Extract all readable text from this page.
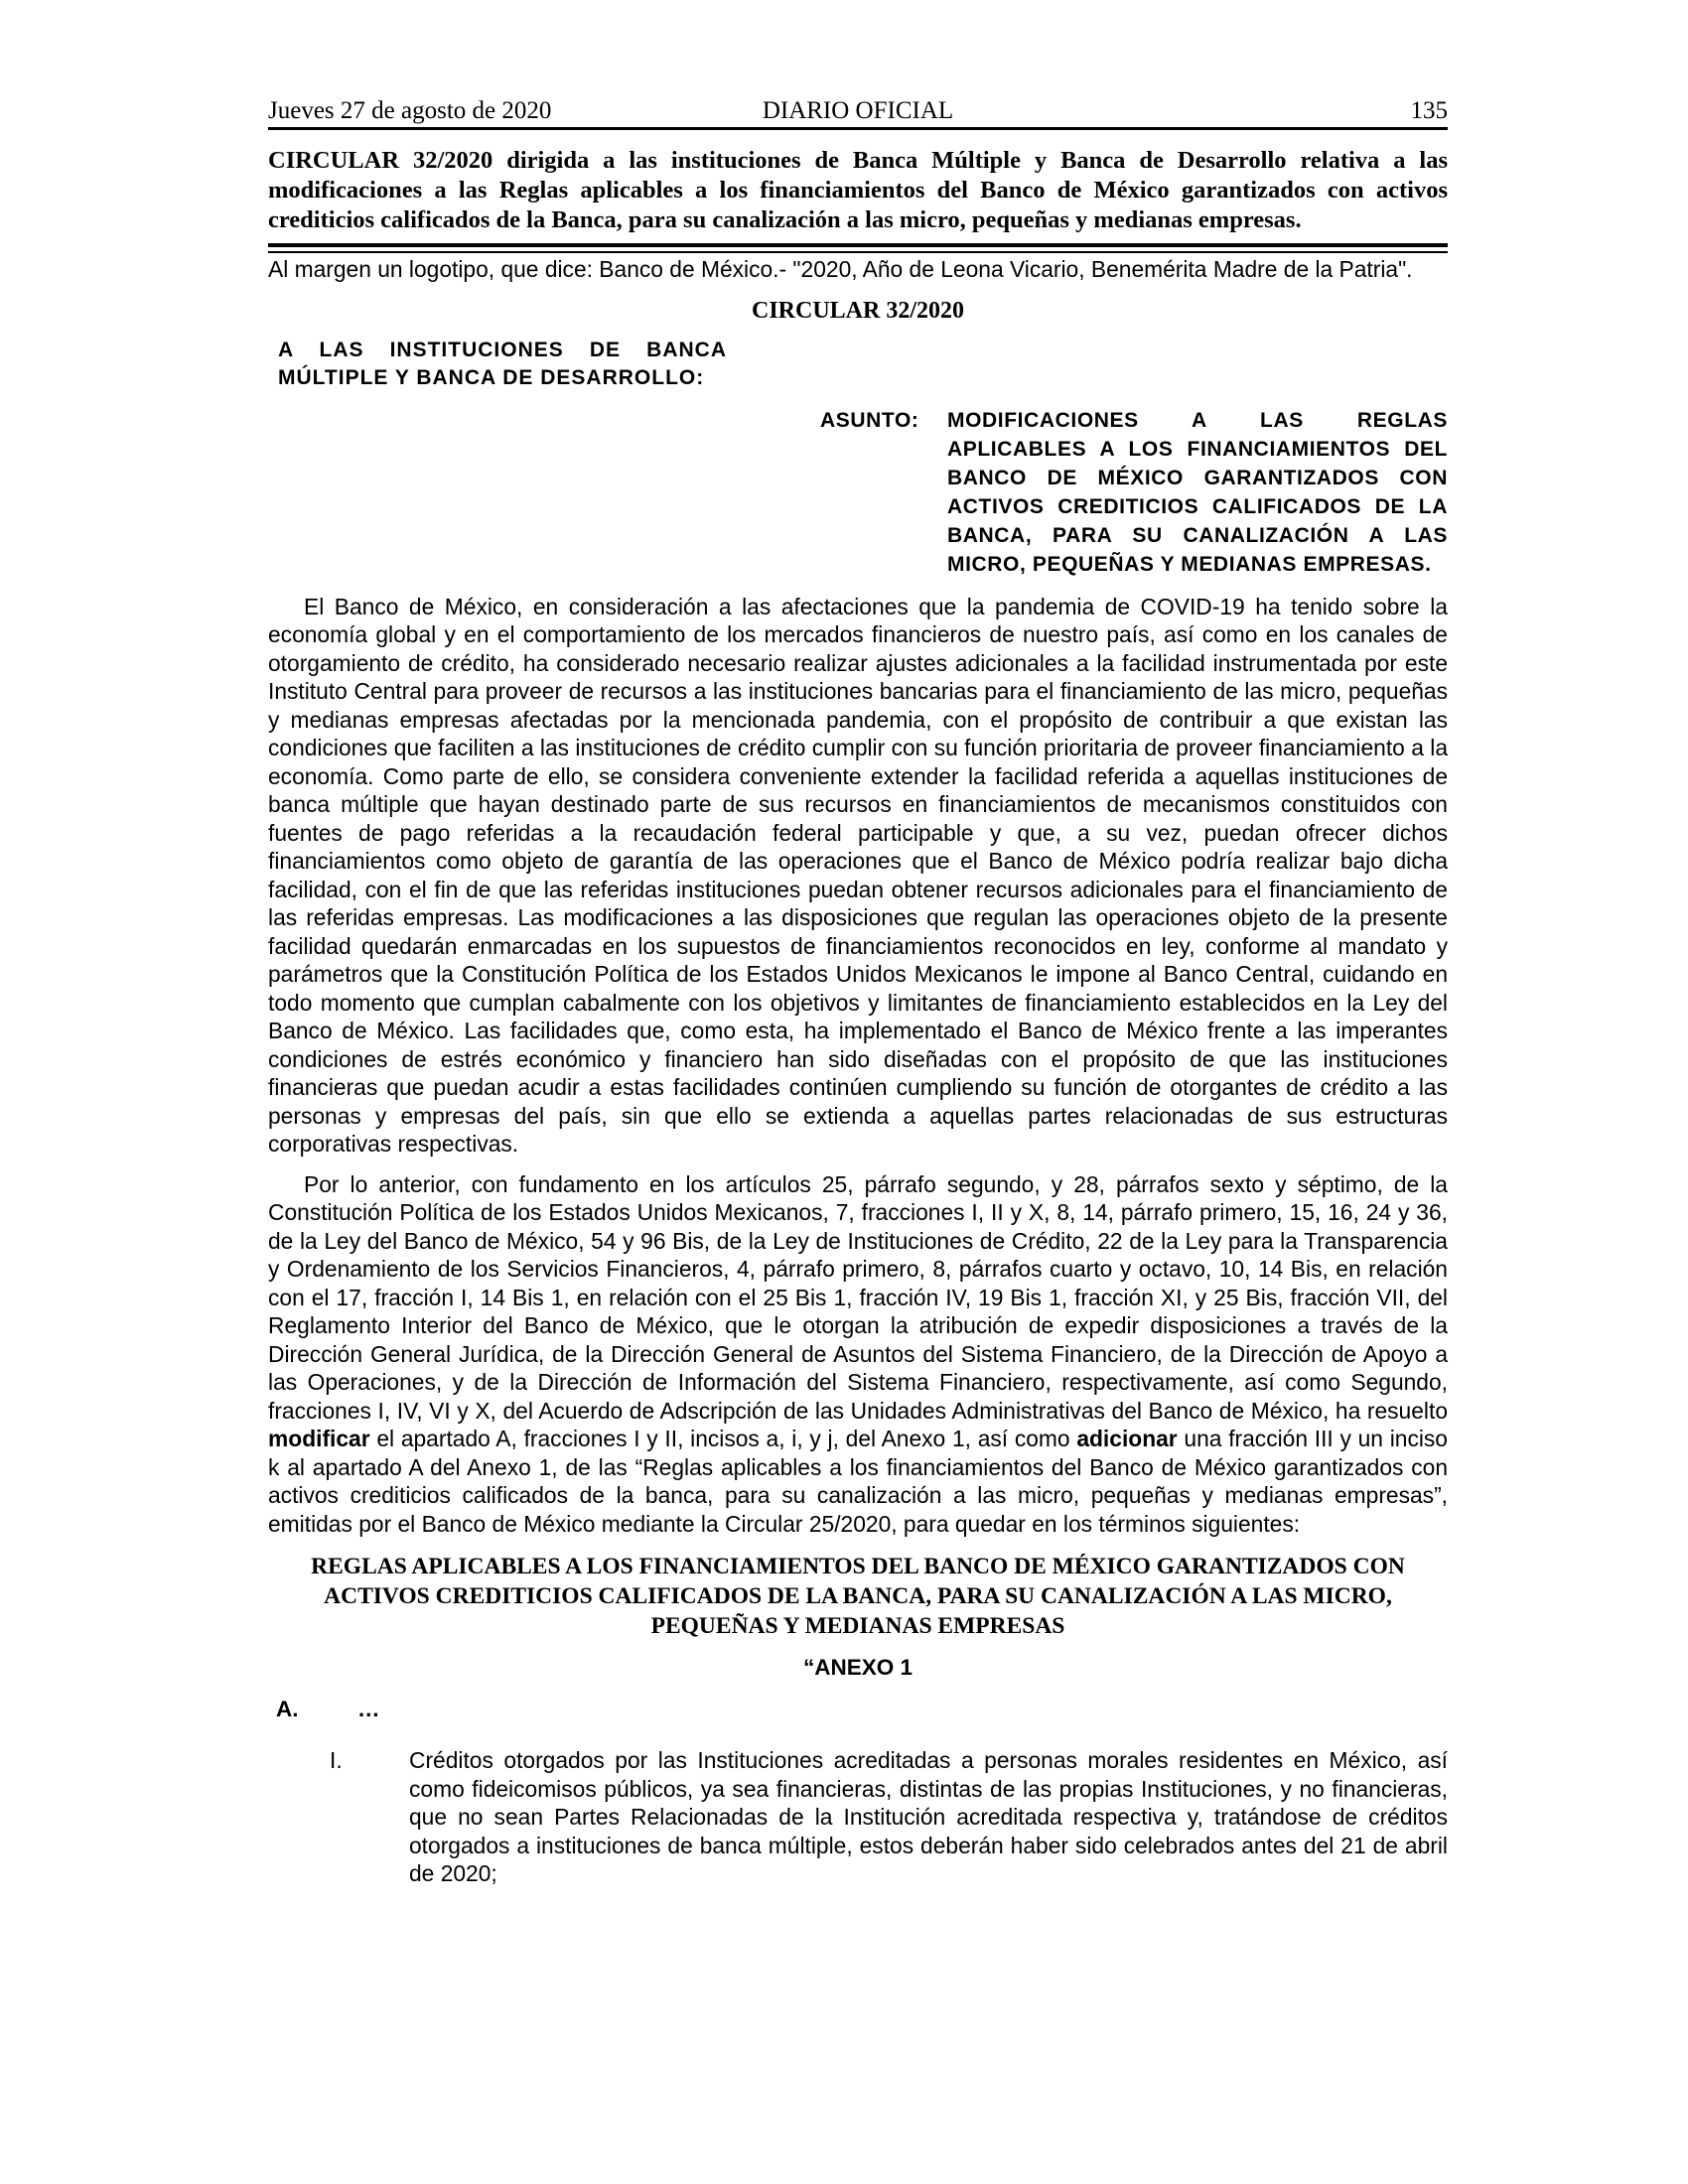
Jueves 27 de agosto de 2020	DIARIO OFICIAL	135
CIRCULAR 32/2020 dirigida a las instituciones de Banca Múltiple y Banca de Desarrollo relativa a las modificaciones a las Reglas aplicables a los financiamientos del Banco de México garantizados con activos crediticios calificados de la Banca, para su canalización a las micro, pequeñas y medianas empresas.
Al margen un logotipo, que dice: Banco de México.- "2020, Año de Leona Vicario, Benemérita Madre de la Patria".
CIRCULAR 32/2020
A LAS INSTITUCIONES DE BANCA MÚLTIPLE Y BANCA DE DESARROLLO:
ASUNTO:	MODIFICACIONES A LAS REGLAS APLICABLES A LOS FINANCIAMIENTOS DEL BANCO DE MÉXICO GARANTIZADOS CON ACTIVOS CREDITICIOS CALIFICADOS DE LA BANCA, PARA SU CANALIZACIÓN A LAS MICRO, PEQUEÑAS Y MEDIANAS EMPRESAS.
El Banco de México, en consideración a las afectaciones que la pandemia de COVID-19 ha tenido sobre la economía global y en el comportamiento de los mercados financieros de nuestro país, así como en los canales de otorgamiento de crédito, ha considerado necesario realizar ajustes adicionales a la facilidad instrumentada por este Instituto Central para proveer de recursos a las instituciones bancarias para el financiamiento de las micro, pequeñas y medianas empresas afectadas por la mencionada pandemia, con el propósito de contribuir a que existan las condiciones que faciliten a las instituciones de crédito cumplir con su función prioritaria de proveer financiamiento a la economía. Como parte de ello, se considera conveniente extender la facilidad referida a aquellas instituciones de banca múltiple que hayan destinado parte de sus recursos en financiamientos de mecanismos constituidos con fuentes de pago referidas a la recaudación federal participable y que, a su vez, puedan ofrecer dichos financiamientos como objeto de garantía de las operaciones que el Banco de México podría realizar bajo dicha facilidad, con el fin de que las referidas instituciones puedan obtener recursos adicionales para el financiamiento de las referidas empresas. Las modificaciones a las disposiciones que regulan las operaciones objeto de la presente facilidad quedarán enmarcadas en los supuestos de financiamientos reconocidos en ley, conforme al mandato y parámetros que la Constitución Política de los Estados Unidos Mexicanos le impone al Banco Central, cuidando en todo momento que cumplan cabalmente con los objetivos y limitantes de financiamiento establecidos en la Ley del Banco de México. Las facilidades que, como esta, ha implementado el Banco de México frente a las imperantes condiciones de estrés económico y financiero han sido diseñadas con el propósito de que las instituciones financieras que puedan acudir a estas facilidades continúen cumpliendo su función de otorgantes de crédito a las personas y empresas del país, sin que ello se extienda a aquellas partes relacionadas de sus estructuras corporativas respectivas.
Por lo anterior, con fundamento en los artículos 25, párrafo segundo, y 28, párrafos sexto y séptimo, de la Constitución Política de los Estados Unidos Mexicanos, 7, fracciones I, II y X, 8, 14, párrafo primero, 15, 16, 24 y 36, de la Ley del Banco de México, 54 y 96 Bis, de la Ley de Instituciones de Crédito, 22 de la Ley para la Transparencia y Ordenamiento de los Servicios Financieros, 4, párrafo primero, 8, párrafos cuarto y octavo, 10, 14 Bis, en relación con el 17, fracción I, 14 Bis 1, en relación con el 25 Bis 1, fracción IV, 19 Bis 1, fracción XI, y 25 Bis, fracción VII, del Reglamento Interior del Banco de México, que le otorgan la atribución de expedir disposiciones a través de la Dirección General Jurídica, de la Dirección General de Asuntos del Sistema Financiero, de la Dirección de Apoyo a las Operaciones, y de la Dirección de Información del Sistema Financiero, respectivamente, así como Segundo, fracciones I, IV, VI y X, del Acuerdo de Adscripción de las Unidades Administrativas del Banco de México, ha resuelto modificar el apartado A, fracciones I y II, incisos a, i, y j, del Anexo 1, así como adicionar una fracción III y un inciso k al apartado A del Anexo 1, de las “Reglas aplicables a los financiamientos del Banco de México garantizados con activos crediticios calificados de la banca, para su canalización a las micro, pequeñas y medianas empresas”, emitidas por el Banco de México mediante la Circular 25/2020, para quedar en los términos siguientes:
REGLAS APLICABLES A LOS FINANCIAMIENTOS DEL BANCO DE MÉXICO GARANTIZADOS CON ACTIVOS CREDITICIOS CALIFICADOS DE LA BANCA, PARA SU CANALIZACIÓN A LAS MICRO, PEQUEÑAS Y MEDIANAS EMPRESAS
“ANEXO 1
A.	…
I.	Créditos otorgados por las Instituciones acreditadas a personas morales residentes en México, así como fideicomisos públicos, ya sea financieras, distintas de las propias Instituciones, y no financieras, que no sean Partes Relacionadas de la Institución acreditada respectiva y, tratándose de créditos otorgados a instituciones de banca múltiple, estos deberán haber sido celebrados antes del 21 de abril de 2020;
